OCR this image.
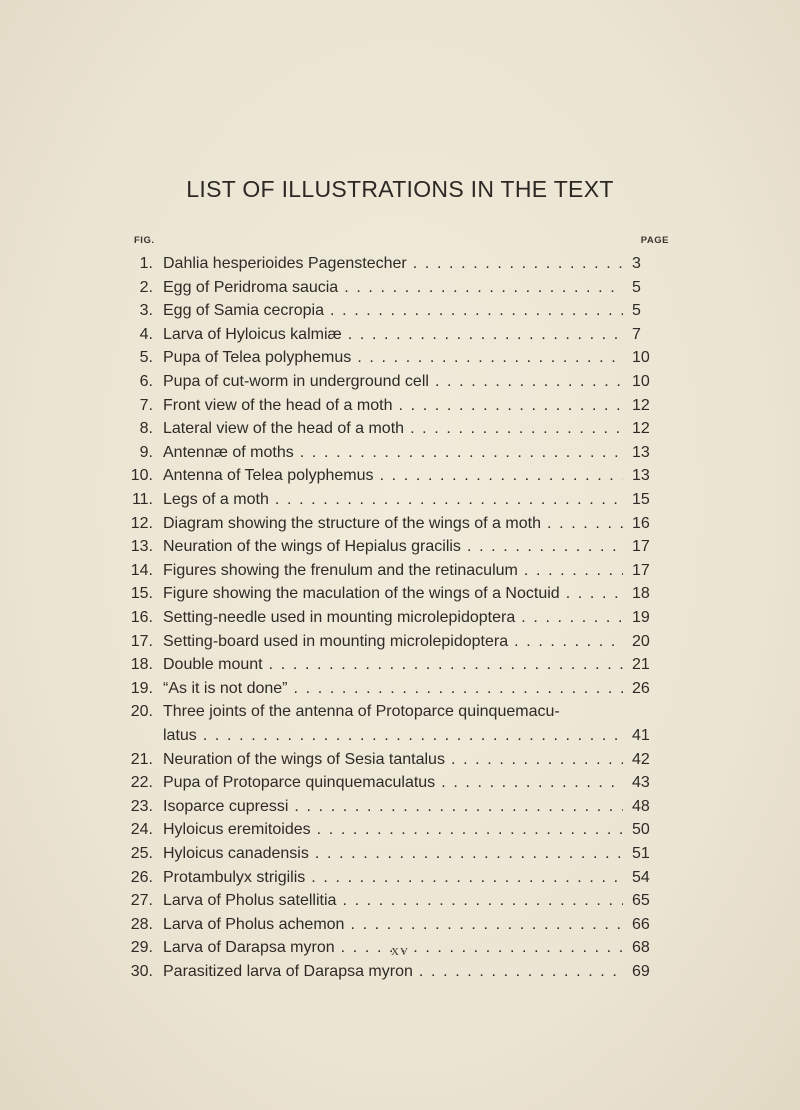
LIST OF ILLUSTRATIONS IN THE TEXT
FIG.	PAGE
1. Dahlia hesperioides Pagenstecher . . .	3
2. Egg of Peridroma saucia . . .	5
3. Egg of Samia cecropia . . .	5
4. Larva of Hyloicus kalmiæ . . .	7
5. Pupa of Telea polyphemus . . .	10
6. Pupa of cut-worm in underground cell . . .	10
7. Front view of the head of a moth . . .	12
8. Lateral view of the head of a moth . . .	12
9. Antennæ of moths . . .	13
10. Antenna of Telea polyphemus . . .	13
11. Legs of a moth . . .	15
12. Diagram showing the structure of the wings of a moth . . .	16
13. Neuration of the wings of Hepialus gracilis . . .	17
14. Figures showing the frenulum and the retinaculum . . .	17
15. Figure showing the maculation of the wings of a Noctuid . . .	18
16. Setting-needle used in mounting microlepidoptera . . .	19
17. Setting-board used in mounting microlepidoptera . . .	20
18. Double mount . . .	21
19. “As it is not done” . . .	26
20. Three joints of the antenna of Protoparce quinquemacu-
latus . . .	41
21. Neuration of the wings of Sesia tantalus . . .	42
22. Pupa of Protoparce quinquemaculatus . . .	43
23. Isoparce cupressi . . .	48
24. Hyloicus eremitoides . . .	50
25. Hyloicus canadensis . . .	51
26. Protambulyx strigilis . . .	54
27. Larva of Pholus satellitia . . .	65
28. Larva of Pholus achemon . . .	66
29. Larva of Darapsa myron . . .	68
30. Parasitized larva of Darapsa myron . . .	69
XV
